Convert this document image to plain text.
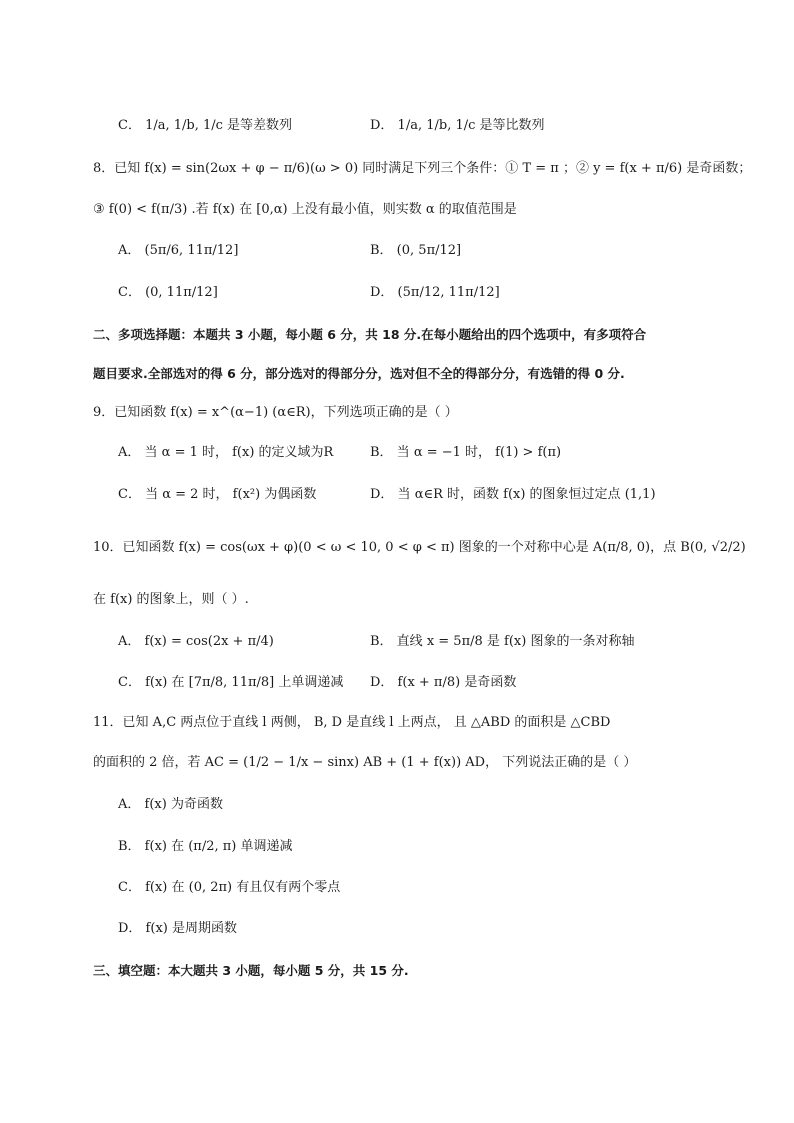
C． 1/a, 1/b, 1/c 是等差数列	D． 1/a, 1/b, 1/c 是等比数列
8．已知 f(x) = sin(2ωx + φ − π/6)(ω > 0) 同时满足下列三个条件：① T = π ；② y = f(x + π/6) 是奇函数；
③ f(0) < f(π/3) .若 f(x) 在 [0,α) 上没有最小值，则实数 α 的取值范围是
A． (5π/6, 11π/12]	B． (0, 5π/12]
C． (0, 11π/12]	D． (5π/12, 11π/12]
二、多项选择题：本题共 3 小题，每小题 6 分，共 18 分.在每小题给出的四个选项中，有多项符合
题目要求.全部选对的得 6 分，部分选对的得部分分，选对但不全的得部分分，有选错的得 0 分.
9．已知函数 f(x) = x^(α−1) (α∈R)，下列选项正确的是（ ）
A． 当 α = 1 时， f(x) 的定义域为R	B． 当 α = −1 时， f(1) > f(π)
C． 当 α = 2 时， f(x²) 为偶函数	D． 当 α∈R 时，函数 f(x) 的图象恒过定点 (1,1)
10．已知函数 f(x) = cos(ωx + φ)(0 < ω < 10, 0 < φ < π) 图象的一个对称中心是 A(π/8, 0)，点 B(0, √2/2)
在 f(x) 的图象上，则（ ）.
A． f(x) = cos(2x + π/4)	B． 直线 x = 5π/8 是 f(x) 图象的一条对称轴
C． f(x) 在 [7π/8, 11π/8] 上单调递减 D． f(x + π/8) 是奇函数
11．已知 A,C 两点位于直线 l 两侧， B, D 是直线 l 上两点， 且 △ABD 的面积是 △CBD
的面积的 2 倍，若 AC = (1/2 − 1/x − sinx) AB + (1 + f(x)) AD， 下列说法正确的是（ ）
A． f(x) 为奇函数
B． f(x) 在 (π/2, π) 单调递减
C． f(x) 在 (0, 2π) 有且仅有两个零点
D． f(x) 是周期函数
三、填空题：本大题共 3 小题，每小题 5 分，共 15 分.
